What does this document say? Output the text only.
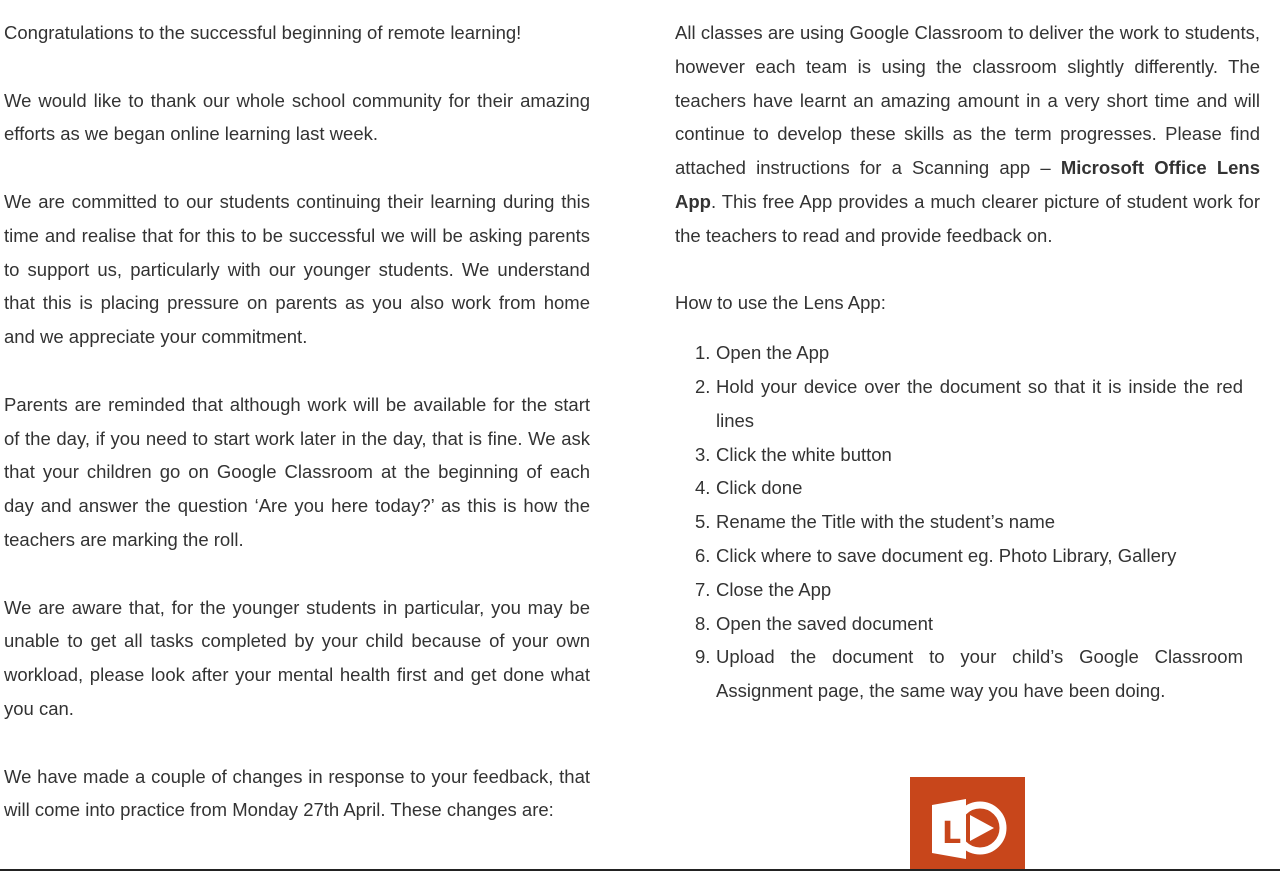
Congratulations to the successful beginning of remote learning!

We would like to thank our whole school community for their amazing efforts as we began online learning last week.

We are committed to our students continuing their learning during this time and realise that for this to be successful we will be asking parents to support us, particularly with our younger students. We understand that this is placing pressure on parents as you also work from home and we appreciate your commitment.

Parents are reminded that although work will be available for the start of the day, if you need to start work later in the day, that is fine. We ask that your children go on Google Classroom at the beginning of each day and answer the question ‘Are you here today?’ as this is how the teachers are marking the roll.

We are aware that, for the younger students in particular, you may be unable to get all tasks completed by your child because of your own workload, please look after your mental health first and get done what you can.

We have made a couple of changes in response to your feedback, that will come into practice from Monday 27th April. These changes are:

All classes are using Google Classroom to deliver the work to students, however each team is using the classroom slightly differently. The teachers have learnt an amazing amount in a very short time and will continue to develop these skills as the term progresses. Please find attached instructions for a Scanning app – Microsoft Office Lens App. This free App provides a much clearer picture of student work for the teachers to read and provide feedback on.

How to use the Lens App:

1. Open the App
2. Hold your device over the document so that it is inside the red lines
3. Click the white button
4. Click done
5. Rename the Title with the student’s name
6. Click where to save document eg. Photo Library, Gallery
7. Close the App
8. Open the saved document
9. Upload the document to your child’s Google Classroom Assignment page, the same way you have been doing.
L
